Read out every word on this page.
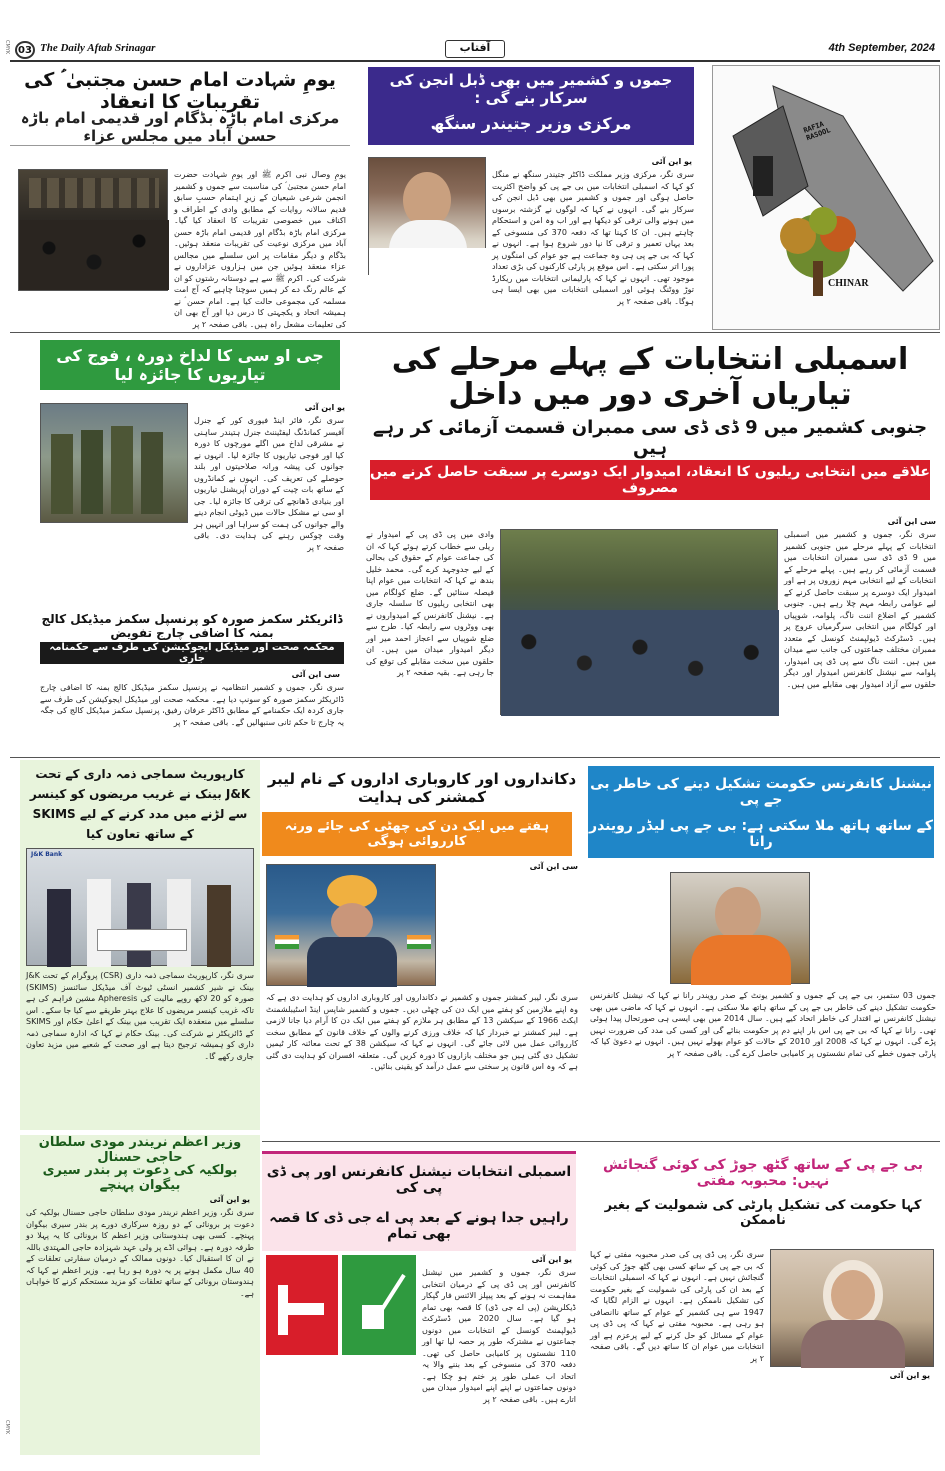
CMYK
CMYK
03 The Daily Aftab Srinagar	آفتاب	4th September, 2024
یومِ شہادت امام حسن مجتبیٰ ؑ کی تقریبات کا انعقاد
مرکزی امام باڑہ بڈگام اور قدیمی امام باڑہ حسن آباد میں مجلس عزاء
یومِ وصال نبی اکرم ﷺ اور یومِ شہادت حضرت امام حسن مجتبیٰ ؑ کی مناسبت سے جموں و کشمیر انجمن شرعی شیعیان کے زیرِ اہتمام حسبِ سابق قدیم سالانہ روایات کے مطابق وادی کے اطراف و اکناف میں خصوصی تقریبات کا انعقاد کیا گیا۔ مرکزی امام باڑہ بڈگام اور قدیمی امام باڑہ حسن آباد میں مرکزی نوعیت کی تقریبات منعقد ہوئیں۔ بڈگام و دیگر مقامات پر اس سلسلے میں مجالس عزاء منعقد ہوئیں جن میں ہزاروں عزاداروں نے شرکت کی۔ اکرم ﷺ سے ہے دوستانہ رشتوں کو ان کے عالم رنگ دے کر ہمیں سوچنا چاہیے کہ آج امت مسلمہ کی مجموعی حالت کیا ہے۔ امام حسن ؑ نے ہمیشہ اتحاد و یکجہتی کا درس دیا اور آج بھی ان کی تعلیمات مشعل راہ ہیں۔ باقی صفحہ ۲ پر
جموں و کشمیر میں بھی ڈبل انجن کی سرکار بنے گی :
مرکزی وزیر جتیندر سنگھ
یو این آئی
سری نگر، مرکزی وزیر مملکت ڈاکٹر جتیندر سنگھ نے منگل کو کہا کہ اسمبلی انتخابات میں بی جے پی کو واضح اکثریت حاصل ہوگی اور جموں و کشمیر میں بھی ڈبل انجن کی سرکار بنے گی۔ انہوں نے کہا کہ لوگوں نے گزشتہ برسوں میں ہونے والی ترقی کو دیکھا ہے اور اب وہ امن و استحکام چاہتے ہیں۔ ان کا کہنا تھا کہ دفعہ 370 کی منسوخی کے بعد یہاں تعمیر و ترقی کا نیا دور شروع ہوا ہے۔ انہوں نے کہا کہ بی جے پی ہی وہ جماعت ہے جو عوام کی امنگوں پر پورا اتر سکتی ہے۔ اس موقع پر پارٹی کارکنوں کی بڑی تعداد موجود تھی۔ انہوں نے کہا کہ پارلیمانی انتخابات میں ریکارڈ توڑ ووٹنگ ہوئی اور اسمبلی انتخابات میں بھی ایسا ہی ہوگا۔ باقی صفحہ ۲ پر
RAFIA RASOOL
CHINAR
جی او سی کا لداخ دورہ ، فوج کی تیاریوں کا جائزہ لیا
یو این آئی
سری نگر، فائر اینڈ فیوری کور کے جنرل آفیسر کمانڈنگ لیفٹیننٹ جنرل ہتیندر ساہنی نے مشرقی لداخ میں اگلے مورچوں کا دورہ کیا اور فوجی تیاریوں کا جائزہ لیا۔ انہوں نے جوانوں کی پیشہ ورانہ صلاحیتوں اور بلند حوصلے کی تعریف کی۔ انہوں نے کمانڈروں کے ساتھ بات چیت کے دوران آپریشنل تیاریوں اور بنیادی ڈھانچے کی ترقی کا جائزہ لیا۔ جی او سی نے مشکل حالات میں ڈیوٹی انجام دینے والے جوانوں کی ہمت کو سراہا اور انہیں ہر وقت چوکس رہنے کی ہدایت دی۔ باقی صفحہ ۲ پر
ڈائریکٹر سکمز صورہ کو پرنسپل سکمز میڈیکل کالج بمنہ کا اضافی چارج تفویض
محکمہ صحت اور میڈیکل ایجوکیشن کی طرف سے حکمنامہ جاری
سی این آئی
سری نگر، جموں و کشمیر انتظامیہ نے پرنسپل سکمز میڈیکل کالج بمنہ کا اضافی چارج ڈائریکٹر سکمز صورہ کو سونپ دیا ہے۔ محکمہ صحت اور میڈیکل ایجوکیشن کی طرف سے جاری کردہ ایک حکمنامے کے مطابق ڈاکٹر عرفان رفیق، پرنسپل سکمز میڈیکل کالج کی جگہ یہ چارج تا حکم ثانی سنبھالیں گے۔ باقی صفحہ ۲ پر
اسمبلی انتخابات کے پہلے مرحلے کی تیاریاں آخری دور میں داخل
جنوبی کشمیر میں 9 ڈی ڈی سی ممبران قسمت آزمائی کر رہے ہیں
علاقے میں انتخابی ریلیوں کا انعقاد، امیدوار ایک دوسرے پر سبقت حاصل کرنے میں مصروف
سی این آئی
سری نگر، جموں و کشمیر میں اسمبلی انتخابات کے پہلے مرحلے میں جنوبی کشمیر میں 9 ڈی ڈی سی ممبران انتخابات میں قسمت آزمائی کر رہے ہیں۔ پہلے مرحلے کے انتخابات کے لیے انتخابی مہم زوروں پر ہے اور امیدوار ایک دوسرے پر سبقت حاصل کرنے کے لیے عوامی رابطہ مہم چلا رہے ہیں۔ جنوبی کشمیر کے اضلاع اننت ناگ، پلوامہ، شوپیاں اور کولگام میں انتخابی سرگرمیاں عروج پر ہیں۔ ڈسٹرکٹ ڈیولپمنٹ کونسل کے متعدد ممبران مختلف جماعتوں کی جانب سے میدان میں ہیں۔ اننت ناگ سے پی ڈی پی امیدوار، پلوامہ سے نیشنل کانفرنس امیدوار اور دیگر حلقوں سے آزاد امیدوار بھی مقابلے میں ہیں۔
وادی میں پی ڈی پی کے امیدوار نے ریلی سے خطاب کرتے ہوئے کہا کہ ان کی جماعت عوام کے حقوق کی بحالی کے لیے جدوجہد کرے گی۔ محمد خلیل بندھ نے کہا کہ انتخابات میں عوام اپنا فیصلہ سنائیں گے۔ ضلع کولگام میں بھی انتخابی ریلیوں کا سلسلہ جاری ہے۔ نیشنل کانفرنس کے امیدواروں نے بھی ووٹروں سے رابطہ کیا۔ طرح سے ضلع شوپیاں سے اعجاز احمد میر اور دیگر امیدوار میدان میں ہیں۔ ان حلقوں میں سخت مقابلے کی توقع کی جا رہی ہے۔ بقیہ صفحہ ۲ پر
کارپوریٹ سماجی ذمہ داری کے تحت J&K بینک نے غریب مریضوں کو کینسر سے لڑنے میں مدد کرنے کے لیے SKIMS کے ساتھ تعاون کیا
J&K Bank
سری نگر، کارپوریٹ سماجی ذمہ داری (CSR) پروگرام کے تحت J&K بینک نے شیر کشمیر انسٹی ٹیوٹ آف میڈیکل سائنسز (SKIMS) صورہ کو 20 لاکھ روپے مالیت کی Apheresis مشین فراہم کی ہے تاکہ غریب کینسر مریضوں کا علاج بہتر طریقے سے کیا جا سکے۔ اس سلسلے میں منعقدہ ایک تقریب میں بینک کے اعلیٰ حکام اور SKIMS کے ڈائریکٹر نے شرکت کی۔ بینک حکام نے کہا کہ ادارہ سماجی ذمہ داری کو ہمیشہ ترجیح دیتا ہے اور صحت کے شعبے میں مزید تعاون جاری رکھے گا۔
وزیر اعظم نریندر مودی سلطان حاجی حسنال
بولکیہ کی دعوت پر بندر سیری بیگوان پہنچے
یو این آئی
سری نگر، وزیر اعظم نریندر مودی سلطان حاجی حسنال بولکیہ کی دعوت پر برونائی کے دو روزہ سرکاری دورے پر بندر سیری بیگوان پہنچے۔ کسی بھی ہندوستانی وزیر اعظم کا برونائی کا یہ پہلا دو طرفہ دورہ ہے۔ ہوائی اڈے پر ولی عہد شہزادہ حاجی المہتدی باللہ نے ان کا استقبال کیا۔ دونوں ممالک کے درمیان سفارتی تعلقات کے 40 سال مکمل ہونے پر یہ دورہ ہو رہا ہے۔ وزیر اعظم نے کہا کہ ہندوستان برونائی کے ساتھ تعلقات کو مزید مستحکم کرنے کا خواہاں ہے۔
دکانداروں اور کاروباری اداروں کے نام لیبر کمشنر کی ہدایت
ہفتے میں ایک دن کی چھٹی کی جائے ورنہ کارروائی ہوگی
سی این آئی
سری نگر، لیبر کمشنر جموں و کشمیر نے دکانداروں اور کاروباری اداروں کو ہدایت دی ہے کہ وہ اپنے ملازمین کو ہفتے میں ایک دن کی چھٹی دیں۔ جموں و کشمیر شاپس اینڈ اسٹیبلشمنٹ ایکٹ 1966 کے سیکشن 13 کے مطابق ہر ملازم کو ہفتے میں ایک دن کا آرام دیا جانا لازمی ہے۔ لیبر کمشنر نے خبردار کیا کہ خلاف ورزی کرنے والوں کے خلاف قانون کے مطابق سخت کارروائی عمل میں لائی جائے گی۔ انہوں نے کہا کہ سیکشن 38 کے تحت معائنہ کار ٹیمیں تشکیل دی گئی ہیں جو مختلف بازاروں کا دورہ کریں گی۔ متعلقہ افسران کو ہدایت دی گئی ہے کہ وہ اس قانون پر سختی سے عمل درآمد کو یقینی بنائیں۔
نیشنل کانفرنس حکومت تشکیل دینے کی خاطر بی جے پی
کے ساتھ ہاتھ ملا سکتی ہے: بی جے پی لیڈر رویندر رانا
جموں 03 ستمبر، بی جے پی کے جموں و کشمیر یونٹ کے صدر رویندر رانا نے کہا کہ نیشنل کانفرنس حکومت تشکیل دینے کی خاطر بی جے پی کے ساتھ ہاتھ ملا سکتی ہے۔ انہوں نے کہا کہ ماضی میں بھی نیشنل کانفرنس نے اقتدار کی خاطر اتحاد کیے ہیں۔ سال 2014 میں بھی ایسی ہی صورتحال پیدا ہوئی تھی۔ رانا نے کہا کہ بی جے پی اس بار اپنے دم پر حکومت بنائے گی اور کسی کی مدد کی ضرورت نہیں پڑے گی۔ انہوں نے کہا کہ 2008 اور 2010 کے حالات کو عوام بھولے نہیں ہیں۔ انہوں نے دعویٰ کیا کہ پارٹی جموں خطے کی تمام نشستوں پر کامیابی حاصل کرے گی۔ باقی صفحہ ۲ پر
اسمبلی انتخابات نیشنل کانفرنس اور پی ڈی پی کی
راہیں جدا ہونے کے بعد پی اے جی ڈی کا قصہ بھی تمام
یو این آئی
سری نگر، جموں و کشمیر میں نیشنل کانفرنس اور پی ڈی پی کے درمیان انتخابی مفاہمت نہ ہونے کے بعد پیپلز الائنس فار گپکار ڈیکلریشن (پی اے جی ڈی) کا قصہ بھی تمام ہو گیا ہے۔ سال 2020 میں ڈسٹرکٹ ڈیولپمنٹ کونسل کے انتخابات میں دونوں جماعتوں نے مشترکہ طور پر حصہ لیا تھا اور 110 نشستوں پر کامیابی حاصل کی تھی۔ دفعہ 370 کی منسوخی کے بعد بننے والا یہ اتحاد اب عملی طور پر ختم ہو چکا ہے۔ دونوں جماعتوں نے اپنے اپنے امیدوار میدان میں اتارے ہیں۔ باقی صفحہ ۲ پر
بی جے پی کے ساتھ گٹھ جوڑ کی کوئی گنجائش نہیں: محبوبہ مفتی
کہا حکومت کی تشکیل پارٹی کی شمولیت کے بغیر ناممکن
یو این آئی
سری نگر، پی ڈی پی کی صدر محبوبہ مفتی نے کہا کہ بی جے پی کے ساتھ کسی بھی گٹھ جوڑ کی کوئی گنجائش نہیں ہے۔ انہوں نے کہا کہ اسمبلی انتخابات کے بعد ان کی پارٹی کی شمولیت کے بغیر حکومت کی تشکیل ناممکن ہے۔ انہوں نے الزام لگایا کہ 1947 سے ہی کشمیر کے عوام کے ساتھ ناانصافی ہو رہی ہے۔ محبوبہ مفتی نے کہا کہ پی ڈی پی عوام کے مسائل کو حل کرنے کے لیے پرعزم ہے اور انتخابات میں عوام ان کا ساتھ دیں گے۔ باقی صفحہ ۲ پر
